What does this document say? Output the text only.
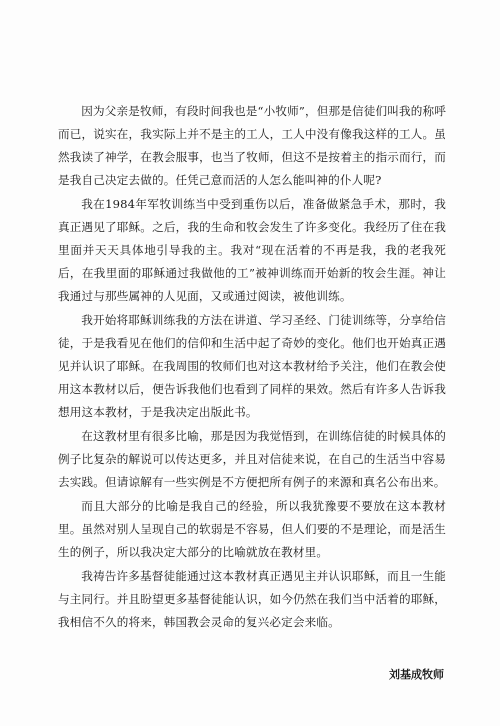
因为父亲是牧师，有段时间我也是“小牧师”，但那是信徒们叫我的称呼而已，说实在，我实际上并不是主的工人，工人中没有像我这样的工人。虽然我读了神学，在教会服事，也当了牧师，但这不是按着主的指示而行，而是我自己决定去做的。任凭己意而活的人怎么能叫神的仆人呢?

我在1984年军牧训练当中受到重伤以后，准备做紧急手术，那时，我真正遇见了耶稣。之后，我的生命和牧会发生了许多变化。我经历了住在我里面并天天具体地引导我的主。我对“现在活着的不再是我，我的老我死后，在我里面的耶稣通过我做他的工”被神训练而开始新的牧会生涯。神让我通过与那些属神的人见面，又或通过阅读，被他训练。

我开始将耶稣训练我的方法在讲道、学习圣经、门徒训练等，分享给信徒，于是我看见在他们的信仰和生活中起了奇妙的变化。他们也开始真正遇见并认识了耶稣。在我周围的牧师们也对这本教材给予关注，他们在教会使用这本教材以后，便告诉我他们也看到了同样的果效。然后有许多人告诉我想用这本教材，于是我决定出版此书。

在这教材里有很多比喻，那是因为我觉悟到，在训练信徒的时候具体的例子比复杂的解说可以传达更多，并且对信徒来说，在自己的生活当中容易去实践。但请谅解有一些实例是不方便把所有例子的来源和真名公布出来。

而且大部分的比喻是我自己的经验，所以我犹豫要不要放在这本教材里。虽然对别人呈现自己的软弱是不容易，但人们要的不是理论，而是活生生的例子，所以我决定大部分的比喻就放在教材里。

我祷告许多基督徒能通过这本教材真正遇见主并认识耶稣，而且一生能与主同行。并且盼望更多基督徒能认识，如今仍然在我们当中活着的耶稣，我相信不久的将来，韩国教会灵命的复兴必定会来临。

刘基成牧师
